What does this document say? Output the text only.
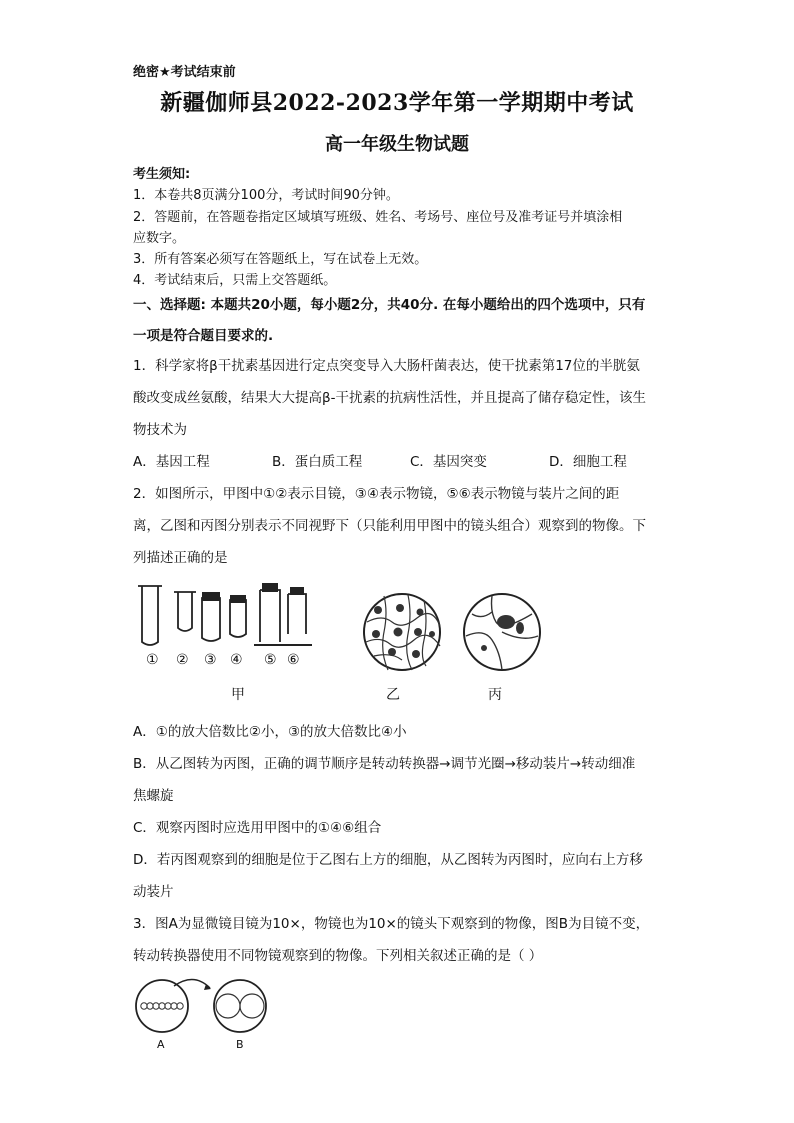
绝密★考试结束前
新疆伽师县2022-2023学年第一学期期中考试
高一年级生物试题
考生须知:
1．本卷共8页满分100分，考试时间90分钟。
2．答题前，在答题卷指定区域填写班级、姓名、考场号、座位号及准考证号并填涂相
应数字。
3．所有答案必须写在答题纸上，写在试卷上无效。
4．考试结束后，只需上交答题纸。
一、选择题: 本题共20小题，每小题2分，共40分. 在每小题给出的四个选项中，只有
一项是符合题目要求的.
1．科学家将β干扰素基因进行定点突变导入大肠杆菌表达，使干扰素第17位的半胱氨
酸改变成丝氨酸，结果大大提高β-干扰素的抗病性活性，并且提高了储存稳定性，该生
物技术为
A．基因工程	B．蛋白质工程	C．基因突变	D．细胞工程
2．如图所示，甲图中①②表示目镜，③④表示物镜，⑤⑥表示物镜与装片之间的距
离，乙图和丙图分别表示不同视野下（只能利用甲图中的镜头组合）观察到的物像。下
列描述正确的是
① ② ③ ④ ⑤ ⑥
甲	乙	丙
A．①的放大倍数比②小，③的放大倍数比④小
B．从乙图转为丙图，正确的调节顺序是转动转换器→调节光圈→移动装片→转动细准
焦螺旋
C．观察丙图时应选用甲图中的①④⑥组合
D．若丙图观察到的细胞是位于乙图右上方的细胞，从乙图转为丙图时，应向右上方移
动装片
3．图A为显微镜目镜为10×，物镜也为10×的镜头下观察到的物像，图B为目镜不变，
转动转换器使用不同物镜观察到的物像。下列相关叙述正确的是（ ）
A	B
